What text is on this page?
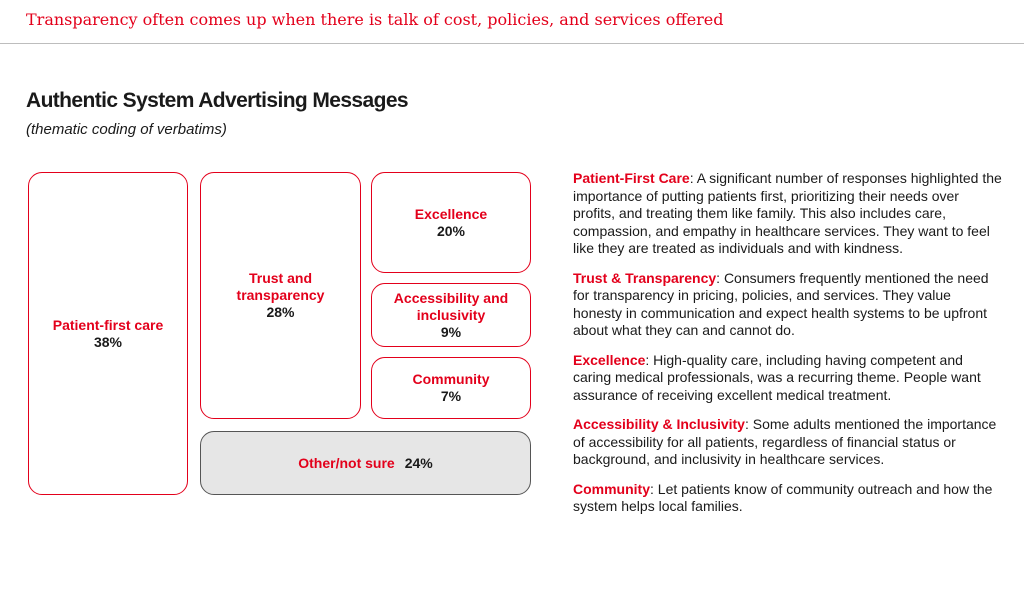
Transparency often comes up when there is talk of cost, policies, and services offered
Authentic System Advertising Messages
(thematic coding of verbatims)
Patient-first care
38%
Trust and transparency
28%
Excellence
20%
Accessibility and inclusivity
9%
Community
7%
Other/not sure 24%

Patient-First Care: A significant number of responses highlighted the importance of putting patients first, prioritizing their needs over profits, and treating them like family. This also includes care, compassion, and empathy in healthcare services. They want to feel like they are treated as individuals and with kindness.

Trust & Transparency: Consumers frequently mentioned the need for transparency in pricing, policies, and services. They value honesty in communication and expect health systems to be upfront about what they can and cannot do.

Excellence: High-quality care, including having competent and caring medical professionals, was a recurring theme. People want assurance of receiving excellent medical treatment.

Accessibility & Inclusivity: Some adults mentioned the importance of accessibility for all patients, regardless of financial status or background, and inclusivity in healthcare services.

Community: Let patients know of community outreach and how the system helps local families.
